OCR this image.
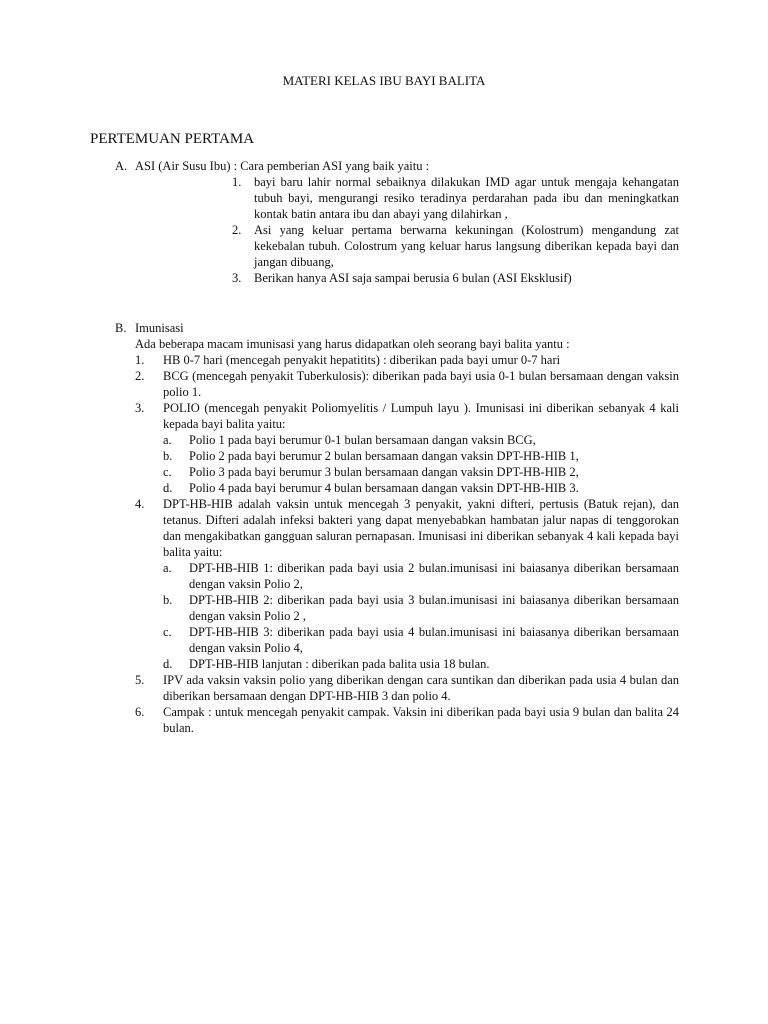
MATERI KELAS IBU BAYI BALITA
PERTEMUAN PERTAMA
A. ASI (Air Susu Ibu) : Cara pemberian ASI yang baik yaitu :
1.	bayi baru lahir normal sebaiknya dilakukan IMD agar untuk mengaja kehangatan tubuh bayi, mengurangi resiko teradinya perdarahan pada ibu dan meningkatkan kontak batin antara ibu dan abayi yang dilahirkan ,
2.	Asi yang keluar pertama berwarna kekuningan (Kolostrum) mengandung zat kekebalan tubuh. Colostrum yang keluar harus langsung diberikan kepada bayi dan jangan dibuang,
3.	Berikan hanya ASI saja sampai berusia 6 bulan (ASI Eksklusif)
B. Imunisasi
Ada beberapa macam imunisasi yang harus didapatkan oleh seorang bayi balita yantu :
1.	HB 0-7 hari (mencegah penyakit hepatitits) : diberikan pada bayi umur 0-7 hari
2.	BCG (mencegah penyakit Tuberkulosis): diberikan pada bayi usia 0-1 bulan bersamaan dengan vaksin polio 1.
3.	POLIO (mencegah penyakit Poliomyelitis / Lumpuh layu ). Imunisasi ini diberikan sebanyak 4 kali kepada bayi balita yaitu:
a.	Polio 1 pada bayi berumur 0-1 bulan bersamaan dangan vaksin BCG,
b.	Polio 2 pada bayi berumur 2 bulan bersamaan dangan vaksin DPT-HB-HIB 1,
c.	Polio 3 pada bayi berumur 3 bulan bersamaan dangan vaksin DPT-HB-HIB 2,
d.	Polio 4 pada bayi berumur 4 bulan bersamaan dangan vaksin DPT-HB-HIB 3.
4.	DPT-HB-HIB adalah vaksin untuk mencegah 3 penyakit, yakni difteri, pertusis (Batuk rejan), dan tetanus. Difteri adalah infeksi bakteri yang dapat menyebabkan hambatan jalur napas di tenggorokan dan mengakibatkan gangguan saluran pernapasan. Imunisasi ini diberikan sebanyak 4 kali kepada bayi balita yaitu:
a.	DPT-HB-HIB 1: diberikan pada bayi usia 2 bulan.imunisasi ini baiasanya diberikan bersamaan dengan vaksin Polio 2,
b.	DPT-HB-HIB 2: diberikan pada bayi usia 3 bulan.imunisasi ini baiasanya diberikan bersamaan dengan vaksin Polio 2 ,
c.	DPT-HB-HIB 3: diberikan pada bayi usia 4 bulan.imunisasi ini baiasanya diberikan bersamaan dengan vaksin Polio 4,
d.	DPT-HB-HIB lanjutan : diberikan pada balita usia 18 bulan.
5.	IPV ada vaksin vaksin polio yang diberikan dengan cara suntikan dan diberikan pada usia 4 bulan dan diberikan bersamaan dengan DPT-HB-HIB 3 dan polio 4.
6.	Campak : untuk mencegah penyakit campak. Vaksin ini diberikan pada bayi usia 9 bulan dan balita 24 bulan.
